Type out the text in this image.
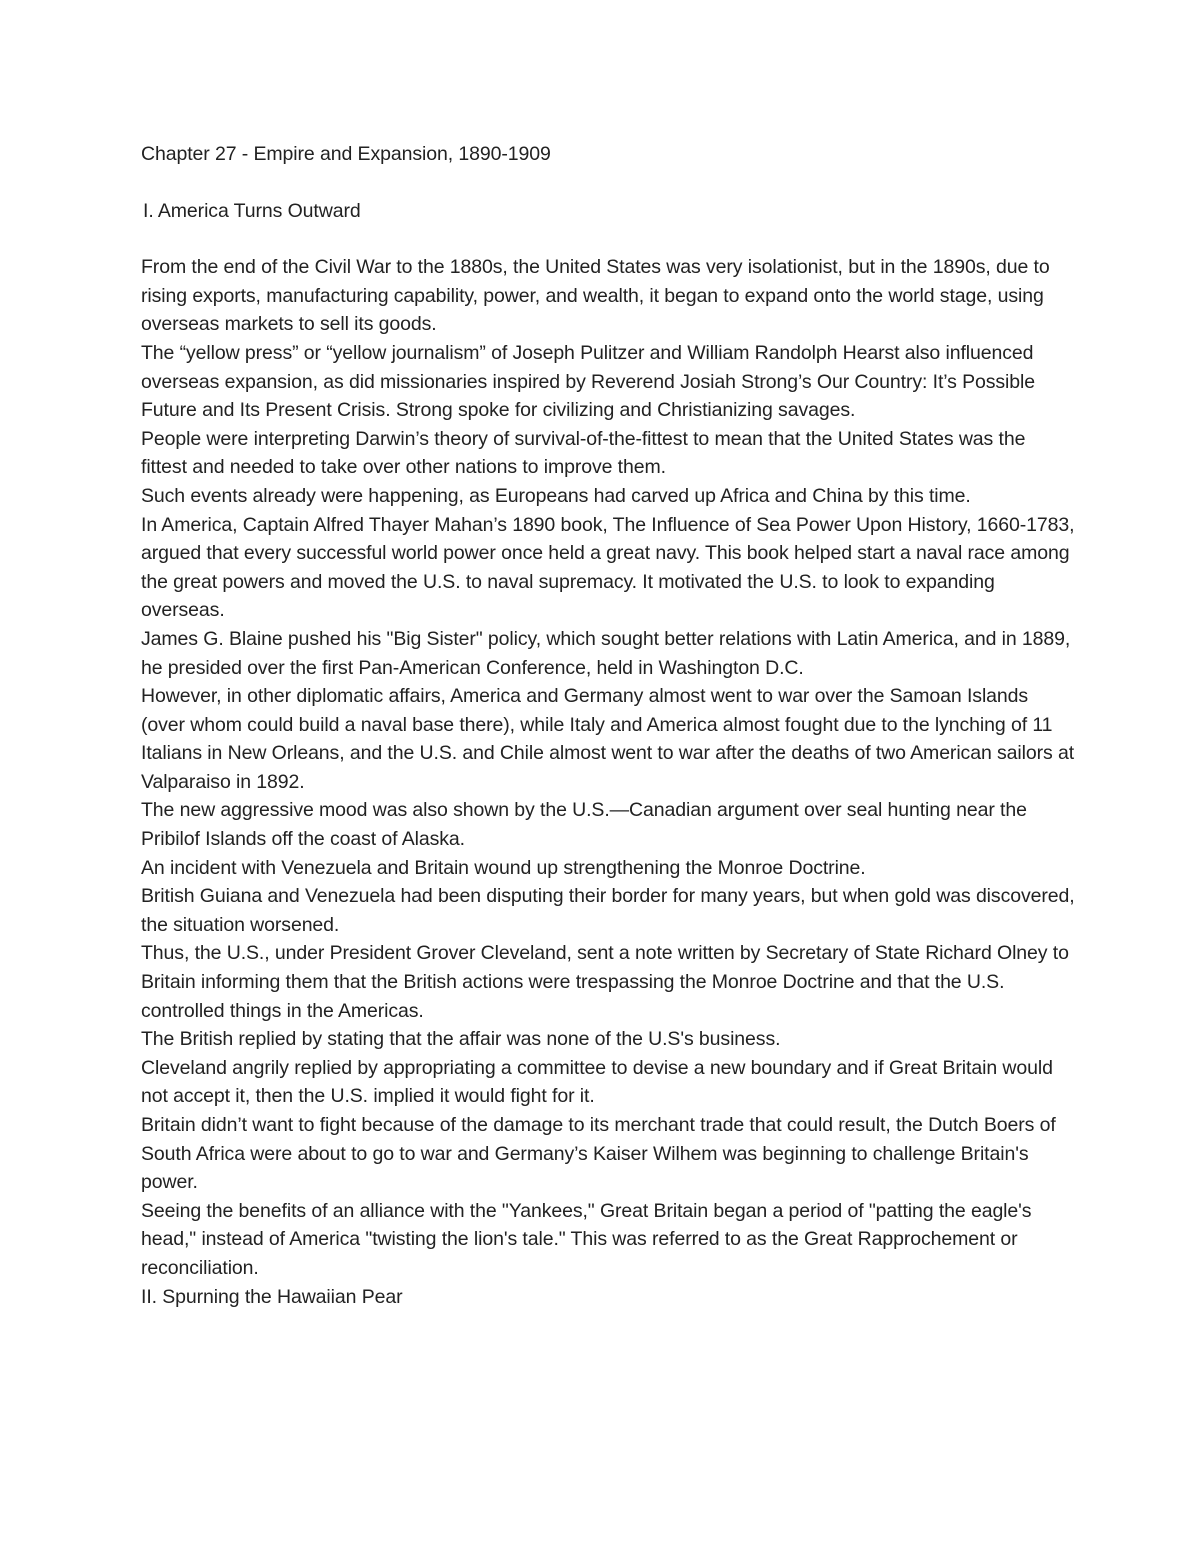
Chapter 27 - Empire and Expansion, 1890-1909
I. America Turns Outward

From the end of the Civil War to the 1880s, the United States was very isolationist, but in the 1890s, due to rising exports, manufacturing capability, power, and wealth, it began to expand onto the world stage, using overseas markets to sell its goods.

The “yellow press” or “yellow journalism” of Joseph Pulitzer and William Randolph Hearst also influenced overseas expansion, as did missionaries inspired by Reverend Josiah Strong’s Our Country: It’s Possible Future and Its Present Crisis. Strong spoke for civilizing and Christianizing savages.

People were interpreting Darwin’s theory of survival-of-the-fittest to mean that the United States was the fittest and needed to take over other nations to improve them.

Such events already were happening, as Europeans had carved up Africa and China by this time.

In America, Captain Alfred Thayer Mahan’s 1890 book, The Influence of Sea Power Upon History, 1660-1783, argued that every successful world power once held a great navy. This book helped start a naval race among the great powers and moved the U.S. to naval supremacy. It motivated the U.S. to look to expanding overseas.

James G. Blaine pushed his "Big Sister" policy, which sought better relations with Latin America, and in 1889, he presided over the first Pan-American Conference, held in Washington D.C.

However, in other diplomatic affairs, America and Germany almost went to war over the Samoan Islands (over whom could build a naval base there), while Italy and America almost fought due to the lynching of 11 Italians in New Orleans, and the U.S. and Chile almost went to war after the deaths of two American sailors at Valparaiso in 1892.

The new aggressive mood was also shown by the U.S.—Canadian argument over seal hunting near the Pribilof Islands off the coast of Alaska.

An incident with Venezuela and Britain wound up strengthening the Monroe Doctrine.

British Guiana and Venezuela had been disputing their border for many years, but when gold was discovered, the situation worsened.

Thus, the U.S., under President Grover Cleveland, sent a note written by Secretary of State Richard Olney to Britain informing them that the British actions were trespassing the Monroe Doctrine and that the U.S. controlled things in the Americas.

The British replied by stating that the affair was none of the U.S's business.

Cleveland angrily replied by appropriating a committee to devise a new boundary and if Great Britain would not accept it, then the U.S. implied it would fight for it.

Britain didn’t want to fight because of the damage to its merchant trade that could result, the Dutch Boers of South Africa were about to go to war and Germany’s Kaiser Wilhem was beginning to challenge Britain's power.

Seeing the benefits of an alliance with the "Yankees," Great Britain began a period of "patting the eagle's head," instead of America "twisting the lion's tale." This was referred to as the Great Rapprochement or reconciliation.

II. Spurning the Hawaiian Pear
